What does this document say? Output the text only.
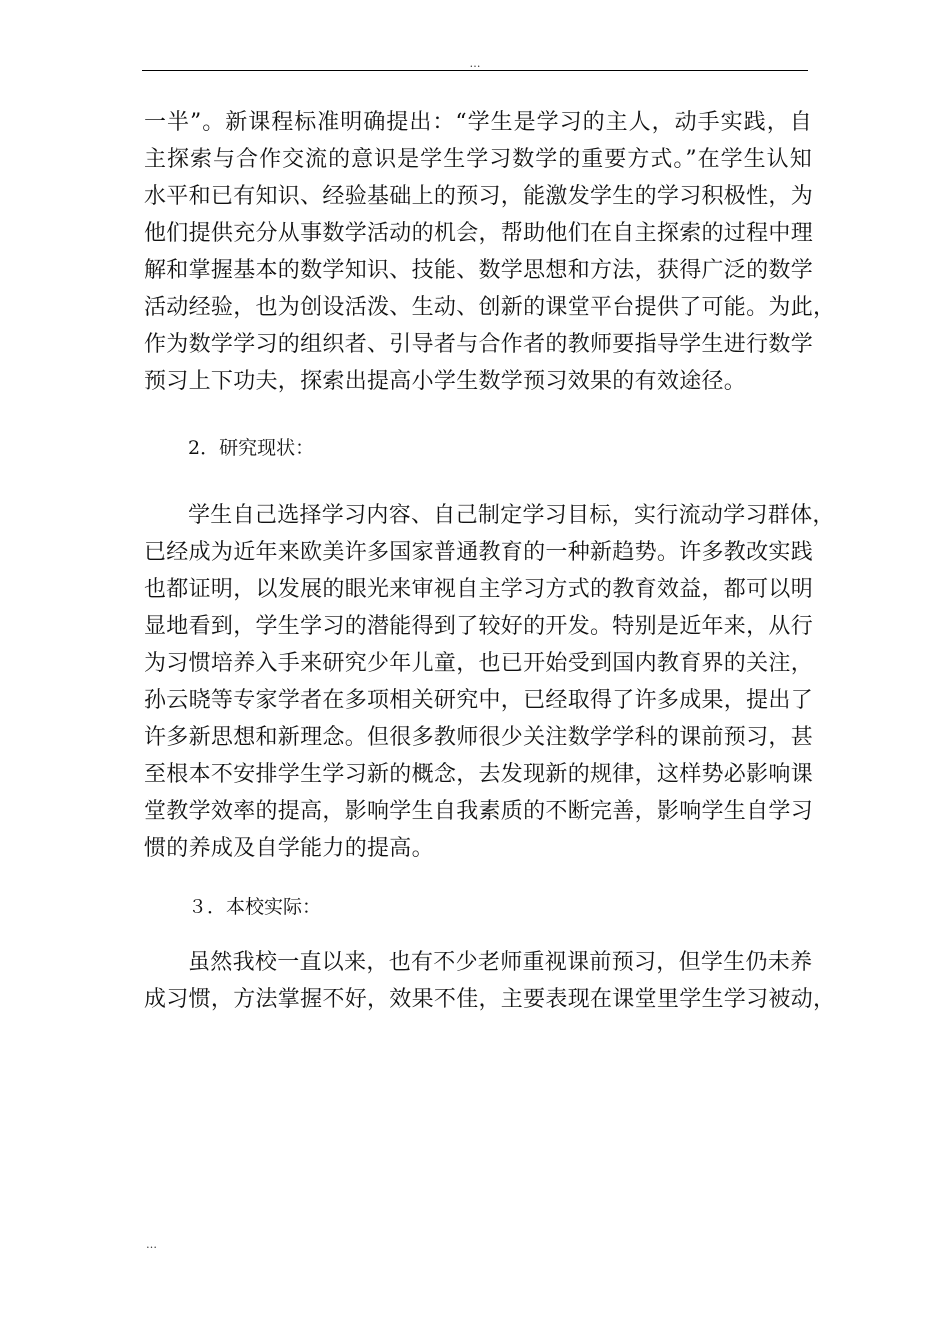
…
一半”。新课程标准明确提出：“学生是学习的主人，动手实践，自
主探索与合作交流的意识是学生学习数学的重要方式。”在学生认知
水平和已有知识、经验基础上的预习，能激发学生的学习积极性，为
他们提供充分从事数学活动的机会，帮助他们在自主探索的过程中理
解和掌握基本的数学知识、技能、数学思想和方法，获得广泛的数学
活动经验，也为创设活泼、生动、创新的课堂平台提供了可能。为此，
作为数学学习的组织者、引导者与合作者的教师要指导学生进行数学
预习上下功夫，探索出提高小学生数学预习效果的有效途径。
2．研究现状：
学生自己选择学习内容、自己制定学习目标，实行流动学习群体，
已经成为近年来欧美许多国家普通教育的一种新趋势。许多教改实践
也都证明，以发展的眼光来审视自主学习方式的教育效益，都可以明
显地看到，学生学习的潜能得到了较好的开发。特别是近年来，从行
为习惯培养入手来研究少年儿童，也已开始受到国内教育界的关注，
孙云晓等专家学者在多项相关研究中，已经取得了许多成果，提出了
许多新思想和新理念。但很多教师很少关注数学学科的课前预习，甚
至根本不安排学生学习新的概念，去发现新的规律，这样势必影响课
堂教学效率的提高，影响学生自我素质的不断完善，影响学生自学习
惯的养成及自学能力的提高。
３．本校实际：
虽然我校一直以来，也有不少老师重视课前预习，但学生仍未养
成习惯，方法掌握不好，效果不佳，主要表现在课堂里学生学习被动，
…
